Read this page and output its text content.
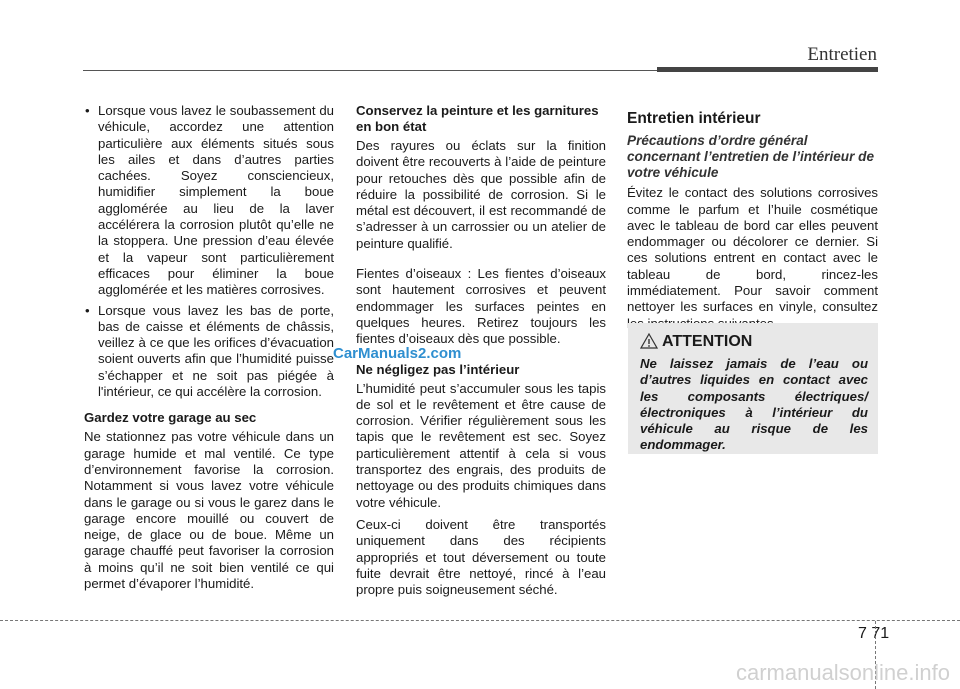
Entretien
• Lorsque vous lavez le soubassement du véhicule, accordez une attention particulière aux éléments situés sous les ailes et dans d’autres parties cachées. Soyez consciencieux, humidifier simplement la boue agglomérée au lieu de la laver accélérera la corrosion plutôt qu’elle ne la stoppera. Une pression d’eau élevée et la vapeur sont particulièrement efficaces pour éliminer la boue agglomérée et les matières corrosives.
• Lorsque vous lavez les bas de porte, bas de caisse et éléments de châssis, veillez à ce que les orifices d’évacuation soient ouverts afin que l’humidité puisse s’échapper et ne soit pas piégée à l'intérieur, ce qui accélère la corrosion.
Gardez votre garage au sec

Ne stationnez pas votre véhicule dans un garage humide et mal ventilé. Ce type d’environnement favorise la corrosion. Notamment si vous lavez votre véhicule dans le garage ou si vous le garez dans le garage encore mouillé ou couvert de neige, de glace ou de boue. Même un garage chauffé peut favoriser la corrosion à moins qu’il ne soit bien ventilé ce qui permet d’évaporer l’humidité.

Conservez la peinture et les garnitures en bon état

Des rayures ou éclats sur la finition doivent être recouverts à l’aide de peinture pour retouches dès que possible afin de réduire la possibilité de corrosion. Si le métal est découvert, il est recommandé de s’adresser à un carrossier ou un atelier de peinture qualifié.

Fientes d’oiseaux : Les fientes d’oiseaux sont hautement corrosives et peuvent endommager les surfaces peintes en quelques heures. Retirez toujours les fientes d’oiseaux dès que possible.

Ne négligez pas l’intérieur

L’humidité peut s’accumuler sous les tapis de sol et le revêtement et être cause de corrosion. Vérifier régulièrement sous les tapis que le revêtement est sec. Soyez particulièrement attentif à cela si vous transportez des engrais, des produits de nettoyage ou des produits chimiques dans votre véhicule.

Ceux-ci doivent être transportés uniquement dans des récipients appropriés et tout déversement ou toute fuite devrait être nettoyé, rincé à l’eau propre puis soigneusement séché.

Entretien intérieur
Précautions d’ordre général concernant l’entretien de l’intérieur de votre véhicule

Évitez le contact des solutions corrosives comme le parfum et l’huile cosmétique avec le tableau de bord car elles peuvent endommager ou décolorer ce dernier. Si ces solutions entrent en contact avec le tableau de bord, rincez-les immédiatement. Pour savoir comment nettoyer les surfaces en vinyle, consultez

ATTENTION
Ne laissez jamais de l’eau ou d’autres liquides en contact avec les composants électriques/électroniques à l’intérieur du véhicule au risque de les endommager.
CarManuals2.com
7 71
carmanualsonline.info
